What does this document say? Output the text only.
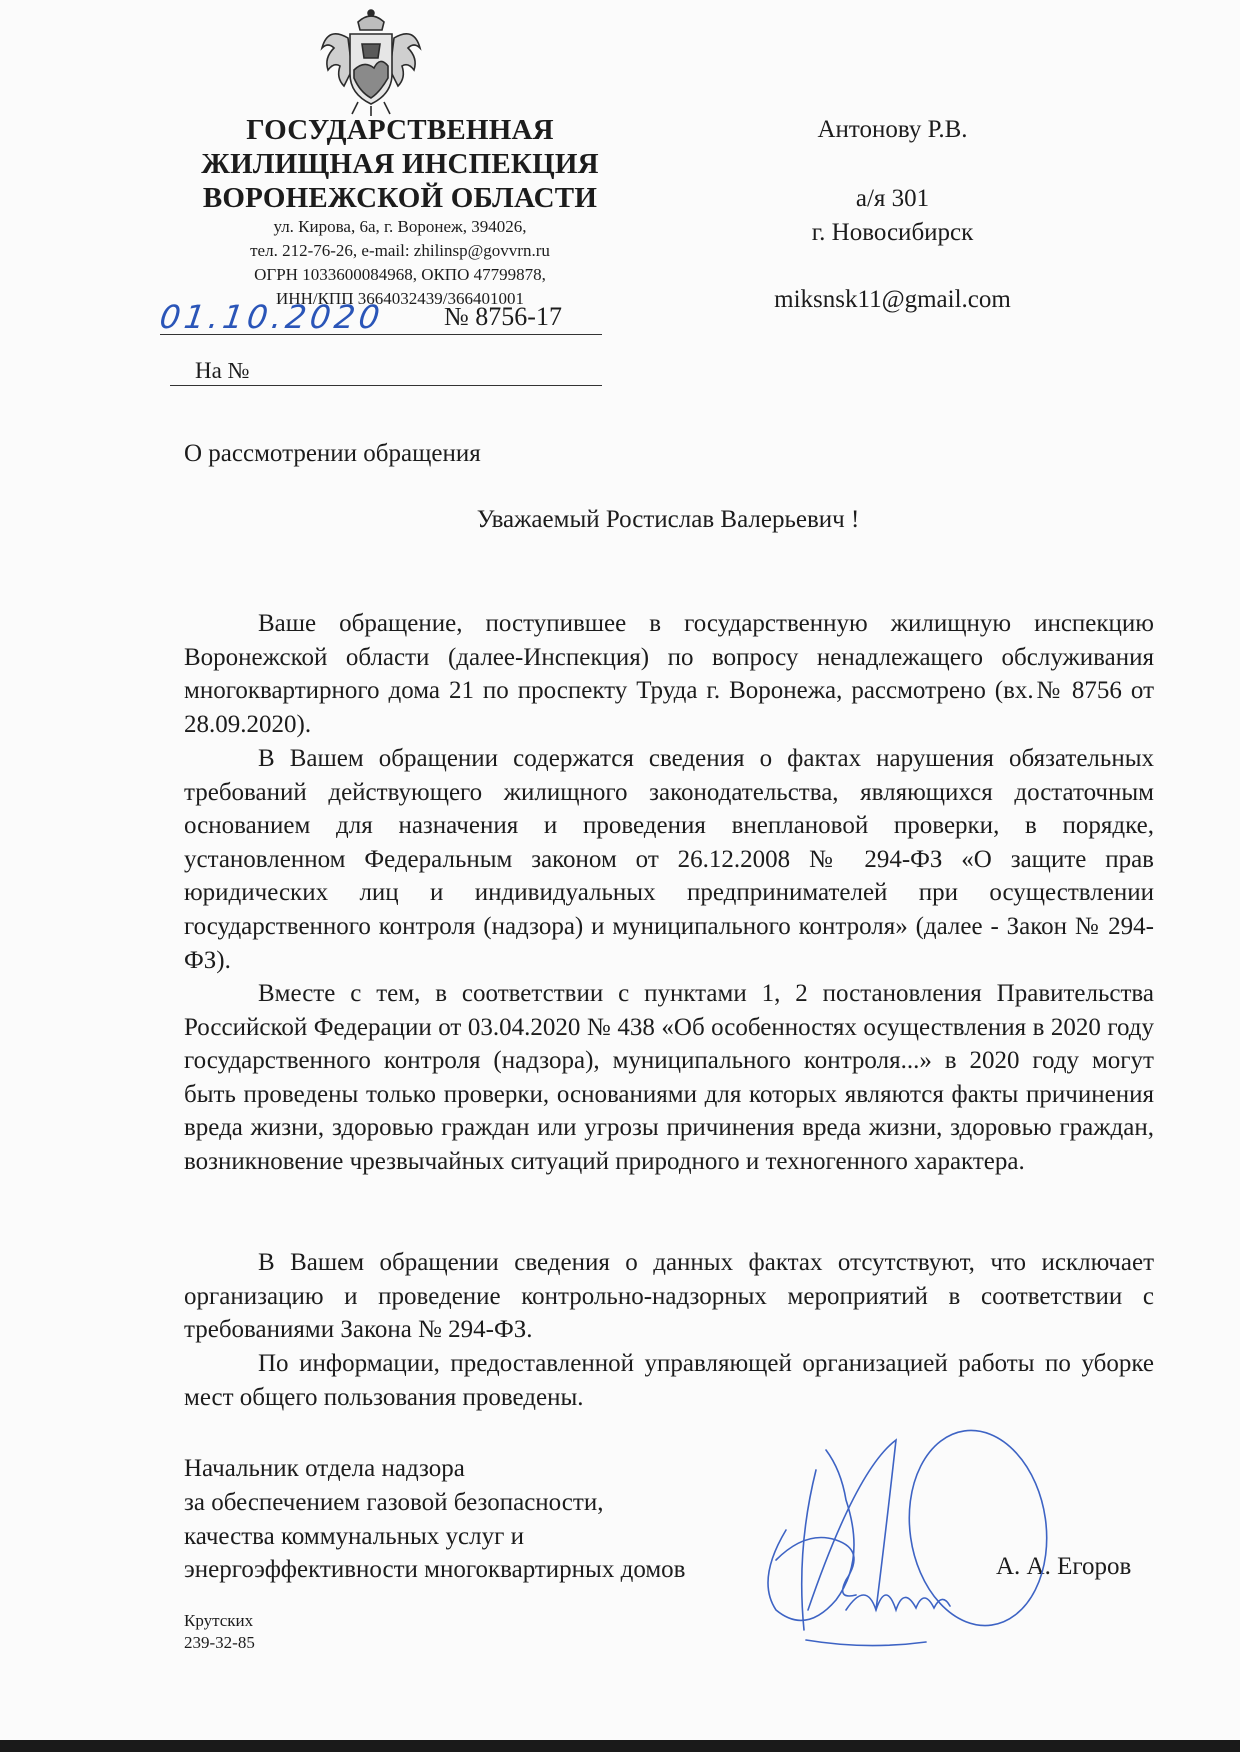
ГОСУДАРСТВЕННАЯ
ЖИЛИЩНАЯ ИНСПЕКЦИЯ
ВОРОНЕЖСКОЙ ОБЛАСТИ
ул. Кирова, 6а, г. Воронеж, 394026,
тел. 212-76-26, e-mail: zhilinsp@govvrn.ru
ОГРН 1033600084968, ОКПО 47799878,
ИНН/КПП 3664032439/366401001
01.10.2020 № 8756-17
На №
Антонову Р.В.
а/я 301
г. Новосибирск
miksnsk11@gmail.com
О рассмотрении обращения
Уважаемый Ростислав Валерьевич !

Ваше обращение, поступившее в государственную жилищную инспекцию Воронежской области (далее-Инспекция) по вопросу ненадлежащего обслуживания многоквартирного дома 21 по проспекту Труда г. Воронежа, рассмотрено (вх.№ 8756 от 28.09.2020).

В Вашем обращении содержатся сведения о фактах нарушения обязательных требований действующего жилищного законодательства, являющихся достаточным основанием для назначения и проведения внеплановой проверки, в порядке, установленном Федеральным законом от 26.12.2008 № 294-ФЗ «О защите прав юридических лиц и индивидуальных предпринимателей при осуществлении государственного контроля (надзора) и муниципального контроля» (далее - Закон № 294-ФЗ).

Вместе с тем, в соответствии с пунктами 1, 2 постановления Правительства Российской Федерации от 03.04.2020 № 438 «Об особенностях осуществления в 2020 году государственного контроля (надзора), муниципального контроля...» в 2020 году могут быть проведены только проверки, основаниями для которых являются факты причинения вреда жизни, здоровью граждан или угрозы причинения вреда жизни, здоровью граждан, возникновение чрезвычайных ситуаций природного и техногенного характера.

В Вашем обращении сведения о данных фактах отсутствуют, что исключает организацию и проведение контрольно-надзорных мероприятий в соответствии с требованиями Закона № 294-ФЗ.

По информации, предоставленной управляющей организацией работы по уборке мест общего пользования проведены.

Начальник отдела надзора
за обеспечением газовой безопасности,
качества коммунальных услуг и
энергоэффективности многоквартирных домов	А. А. Егоров
Крутских
239-32-85
